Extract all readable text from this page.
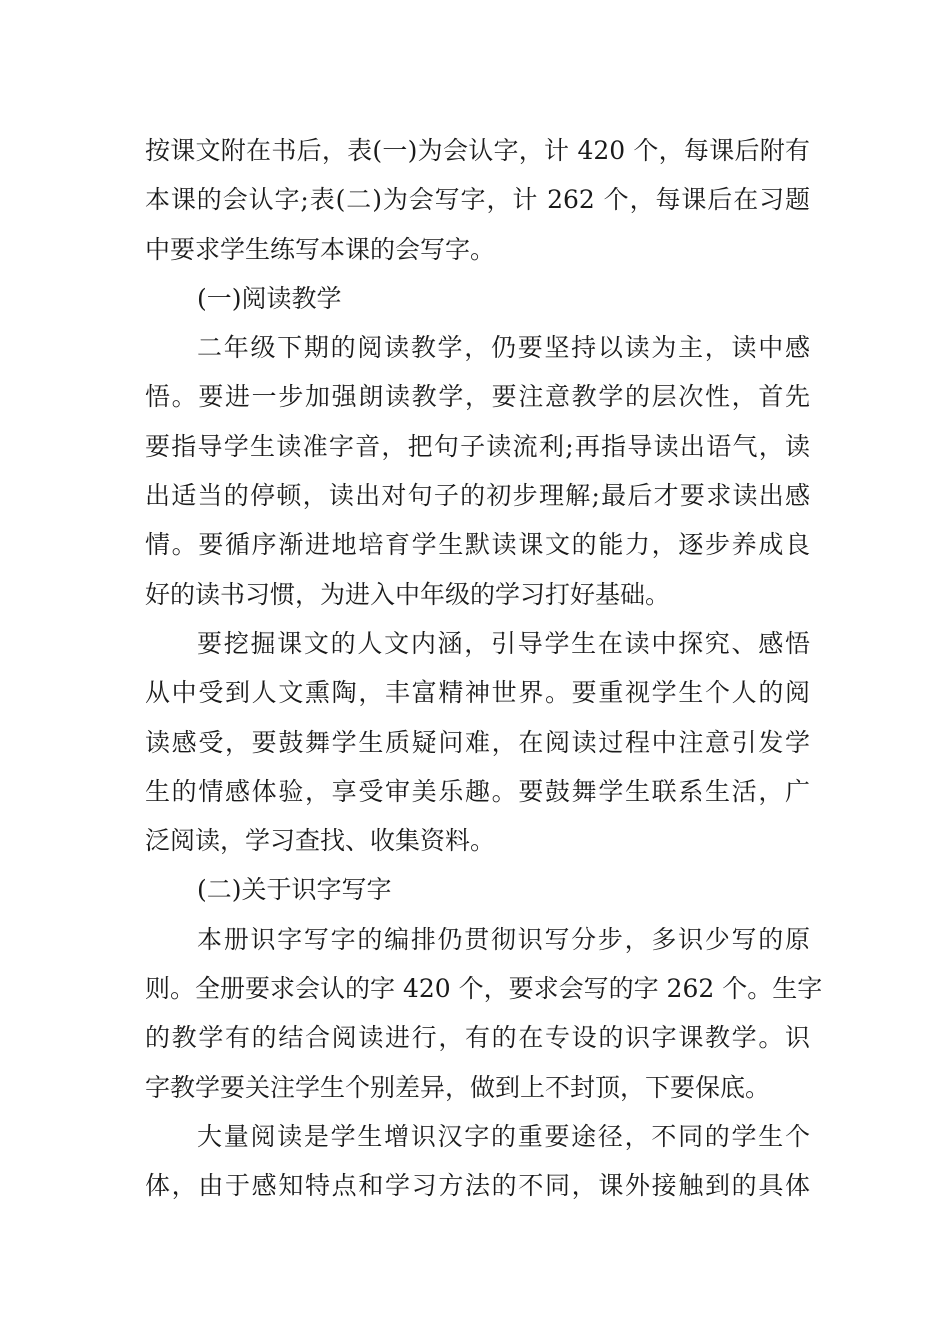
按课文附在书后，表(一)为会认字，计 420 个，每课后附有
本课的会认字;表(二)为会写字，计 262 个，每课后在习题
中要求学生练写本课的会写字。
(一)阅读教学
二年级下期的阅读教学，仍要坚持以读为主，读中感
悟。要进一步加强朗读教学，要注意教学的层次性，首先
要指导学生读准字音，把句子读流利;再指导读出语气，读
出适当的停顿，读出对句子的初步理解;最后才要求读出感
情。要循序渐进地培育学生默读课文的能力，逐步养成良
好的读书习惯，为进入中年级的学习打好基础。
要挖掘课文的人文内涵，引导学生在读中探究、感悟
从中受到人文熏陶，丰富精神世界。要重视学生个人的阅
读感受，要鼓舞学生质疑问难，在阅读过程中注意引发学
生的情感体验，享受审美乐趣。要鼓舞学生联系生活，广
泛阅读，学习查找、收集资料。
(二)关于识字写字
本册识字写字的编排仍贯彻识写分步，多识少写的原
则。全册要求会认的字 420 个，要求会写的字 262 个。生字
的教学有的结合阅读进行，有的在专设的识字课教学。识
字教学要关注学生个别差异，做到上不封顶，下要保底。
大量阅读是学生增识汉字的重要途径，不同的学生个
体，由于感知特点和学习方法的不同，课外接触到的具体
